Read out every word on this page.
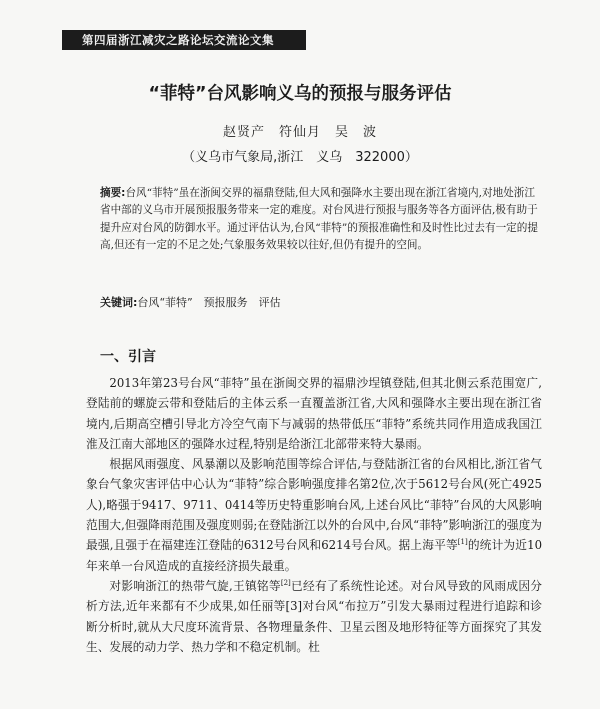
第四届浙江减灾之路论坛交流论文集
“菲特”台风影响义乌的预报与服务评估
赵贤产　符仙月　吴　波
（义乌市气象局,浙江　义乌　322000）
摘要:台风“菲特”虽在浙闽交界的福鼎登陆,但大风和强降水主要出现在浙江省境内,对地处浙江省中部的义乌市开展预报服务带来一定的难度。对台风进行预报与服务等各方面评估,极有助于提升应对台风的防御水平。通过评估认为,台风“菲特”的预报准确性和及时性比过去有一定的提高,但还有一定的不足之处;气象服务效果较以往好,但仍有提升的空间。
关键词:台风“菲特”　预报服务　评估
一、引言

2013年第23号台风“菲特”虽在浙闽交界的福鼎沙埕镇登陆,但其北侧云系范围宽广,登陆前的螺旋云带和登陆后的主体云系一直覆盖浙江省,大风和强降水主要出现在浙江省境内,后期高空槽引导北方冷空气南下与减弱的热带低压“菲特”系统共同作用造成我国江淮及江南大部地区的强降水过程,特别是给浙江北部带来特大暴雨。

根据风雨强度、风暴潮以及影响范围等综合评估,与登陆浙江省的台风相比,浙江省气象台气象灾害评估中心认为“菲特”综合影响强度排名第2位,次于5612号台风(死亡4925人),略强于9417、9711、0414等历史特重影响台风,上述台风比“菲特”台风的大风影响范围大,但强降雨范围及强度则弱;在登陆浙江以外的台风中,台风“菲特”影响浙江的强度为最强,且强于在福建连江登陆的6312号台风和6214号台风。据上海平等[1]的统计为近10年来单一台风造成的直接经济损失最重。

对影响浙江的热带气旋,王镇铭等[2]已经有了系统性论述。对台风导致的风雨成因分析方法,近年来都有不少成果,如任丽等[3]对台风“布拉万”引发大暴雨过程进行追踪和诊断分析时,就从大尺度环流背景、各物理量条件、卫星云图及地形特征等方面探究了其发生、发展的动力学、热力学和不稳定机制。杜
